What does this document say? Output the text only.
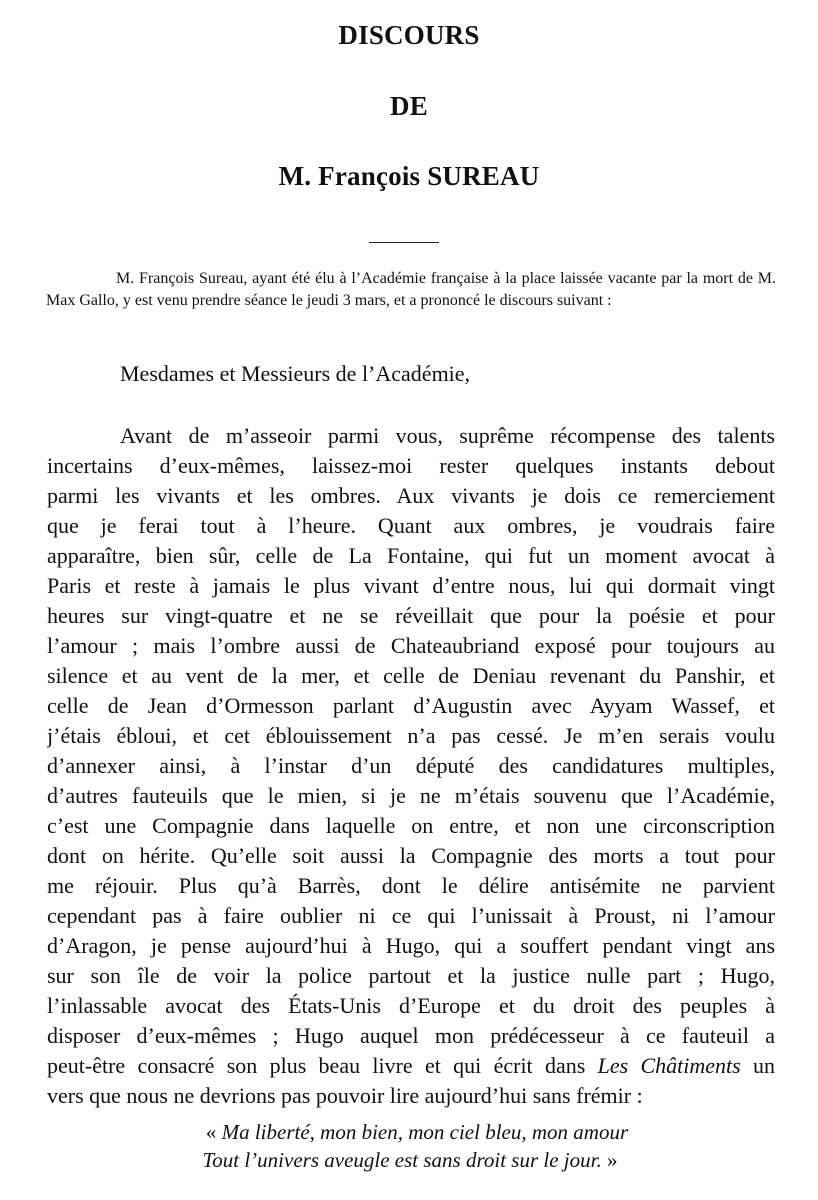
DISCOURS
DE
M. François SUREAU

M. François Sureau, ayant été élu à l’Académie française à la place laissée vacante par la mort de M. Max Gallo, y est venu prendre séance le jeudi 3 mars, et a prononcé le discours suivant :

Mesdames et Messieurs de l’Académie,

Avant de m’asseoir parmi vous, suprême récompense des talents
incertains d’eux-mêmes, laissez-moi rester quelques instants debout
parmi les vivants et les ombres. Aux vivants je dois ce remerciement
que je ferai tout à l’heure. Quant aux ombres, je voudrais faire
apparaître, bien sûr, celle de La Fontaine, qui fut un moment avocat à
Paris et reste à jamais le plus vivant d’entre nous, lui qui dormait vingt
heures sur vingt-quatre et ne se réveillait que pour la poésie et pour
l’amour ; mais l’ombre aussi de Chateaubriand exposé pour toujours au
silence et au vent de la mer, et celle de Deniau revenant du Panshir, et
celle de Jean d’Ormesson parlant d’Augustin avec Ayyam Wassef, et
j’étais ébloui, et cet éblouissement n’a pas cessé. Je m’en serais voulu
d’annexer ainsi, à l’instar d’un député des candidatures multiples,
d’autres fauteuils que le mien, si je ne m’étais souvenu que l’Académie,
c’est une Compagnie dans laquelle on entre, et non une circonscription
dont on hérite. Qu’elle soit aussi la Compagnie des morts a tout pour
me réjouir. Plus qu’à Barrès, dont le délire antisémite ne parvient
cependant pas à faire oublier ni ce qui l’unissait à Proust, ni l’amour
d’Aragon, je pense aujourd’hui à Hugo, qui a souffert pendant vingt ans
sur son île de voir la police partout et la justice nulle part ; Hugo,
l’inlassable avocat des États-Unis d’Europe et du droit des peuples à
disposer d’eux-mêmes ; Hugo auquel mon prédécesseur à ce fauteuil a
peut-être consacré son plus beau livre et qui écrit dans Les Châtiments un
vers que nous ne devrions pas pouvoir lire aujourd’hui sans frémir :

« Ma liberté, mon bien, mon ciel bleu, mon amour
Tout l’univers aveugle est sans droit sur le jour. »
